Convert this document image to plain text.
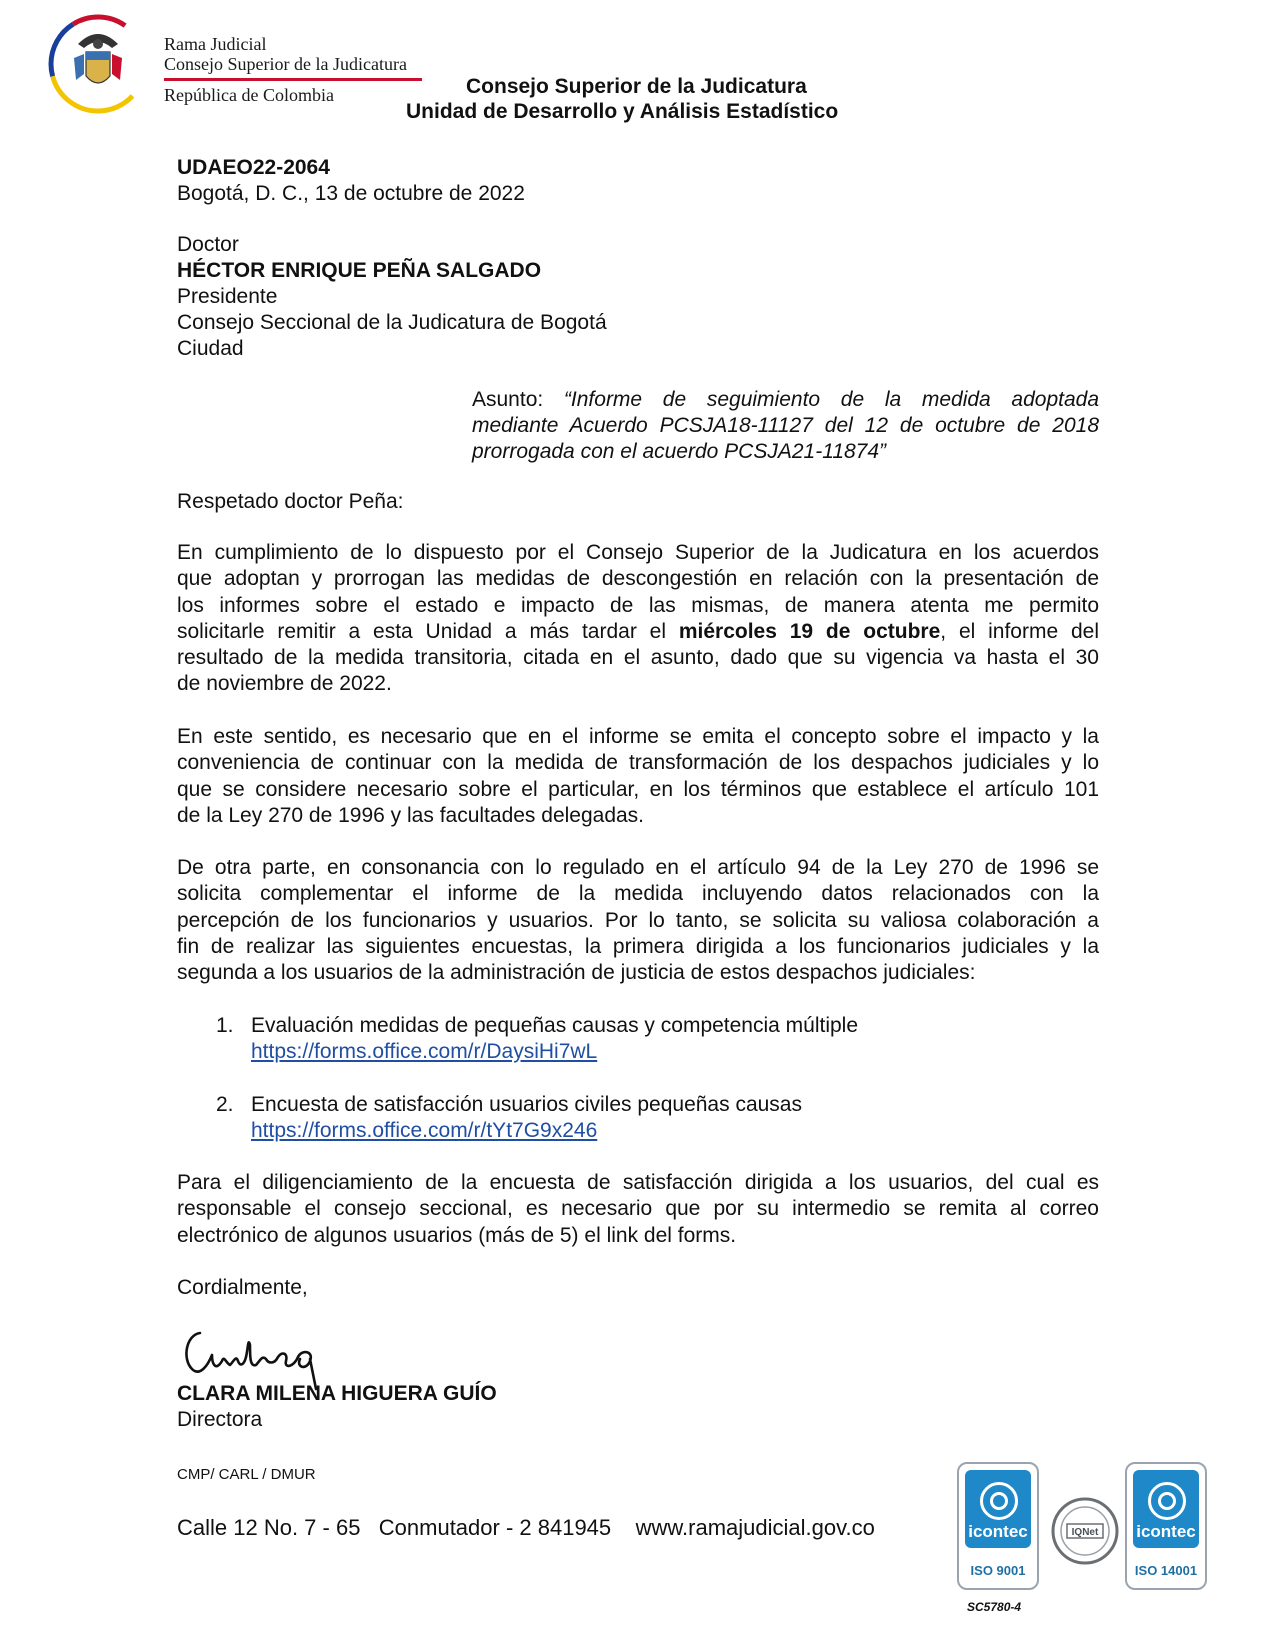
Rama Judicial
Consejo Superior de la Judicatura
República de Colombia	Consejo Superior de la Judicatura
Unidad de Desarrollo y Análisis Estadístico
UDAEO22-2064
Bogotá, D. C., 13 de octubre de 2022
Doctor
HÉCTOR ENRIQUE PEÑA SALGADO
Presidente
Consejo Seccional de la Judicatura de Bogotá
Ciudad
Asunto: “Informe de seguimiento de la medida adoptada
mediante Acuerdo PCSJA18-11127 del 12 de octubre de 2018
prorrogada con el acuerdo PCSJA21-11874”
Respetado doctor Peña:
En cumplimiento de lo dispuesto por el Consejo Superior de la Judicatura en los acuerdos
que adoptan y prorrogan las medidas de descongestión en relación con la presentación de
los informes sobre el estado e impacto de las mismas, de manera atenta me permito
solicitarle remitir a esta Unidad a más tardar el miércoles 19 de octubre, el informe del
resultado de la medida transitoria, citada en el asunto, dado que su vigencia va hasta el 30
de noviembre de 2022.
En este sentido, es necesario que en el informe se emita el concepto sobre el impacto y la
conveniencia de continuar con la medida de transformación de los despachos judiciales y lo
que se considere necesario sobre el particular, en los términos que establece el artículo 101
de la Ley 270 de 1996 y las facultades delegadas.
De otra parte, en consonancia con lo regulado en el artículo 94 de la Ley 270 de 1996 se
solicita complementar el informe de la medida incluyendo datos relacionados con la
percepción de los funcionarios y usuarios. Por lo tanto, se solicita su valiosa colaboración a
fin de realizar las siguientes encuestas, la primera dirigida a los funcionarios judiciales y la
segunda a los usuarios de la administración de justicia de estos despachos judiciales:
1. Evaluación medidas de pequeñas causas y competencia múltiple
https://forms.office.com/r/DaysiHi7wL
2. Encuesta de satisfacción usuarios civiles pequeñas causas
https://forms.office.com/r/tYt7G9x246
Para el diligenciamiento de la encuesta de satisfacción dirigida a los usuarios, del cual es
responsable el consejo seccional, es necesario que por su intermedio se remita al correo
electrónico de algunos usuarios (más de 5) el link del forms.
Cordialmente,
CLARA MILENA HIGUERA GUÍO
Directora
CMP/ CARL / DMUR
Calle 12 No. 7 - 65   Conmutador - 2 841945    www.ramajudicial.gov.co	icontec
ISO 9001
IQNet icontec
ISO 14001
SC5780-4
